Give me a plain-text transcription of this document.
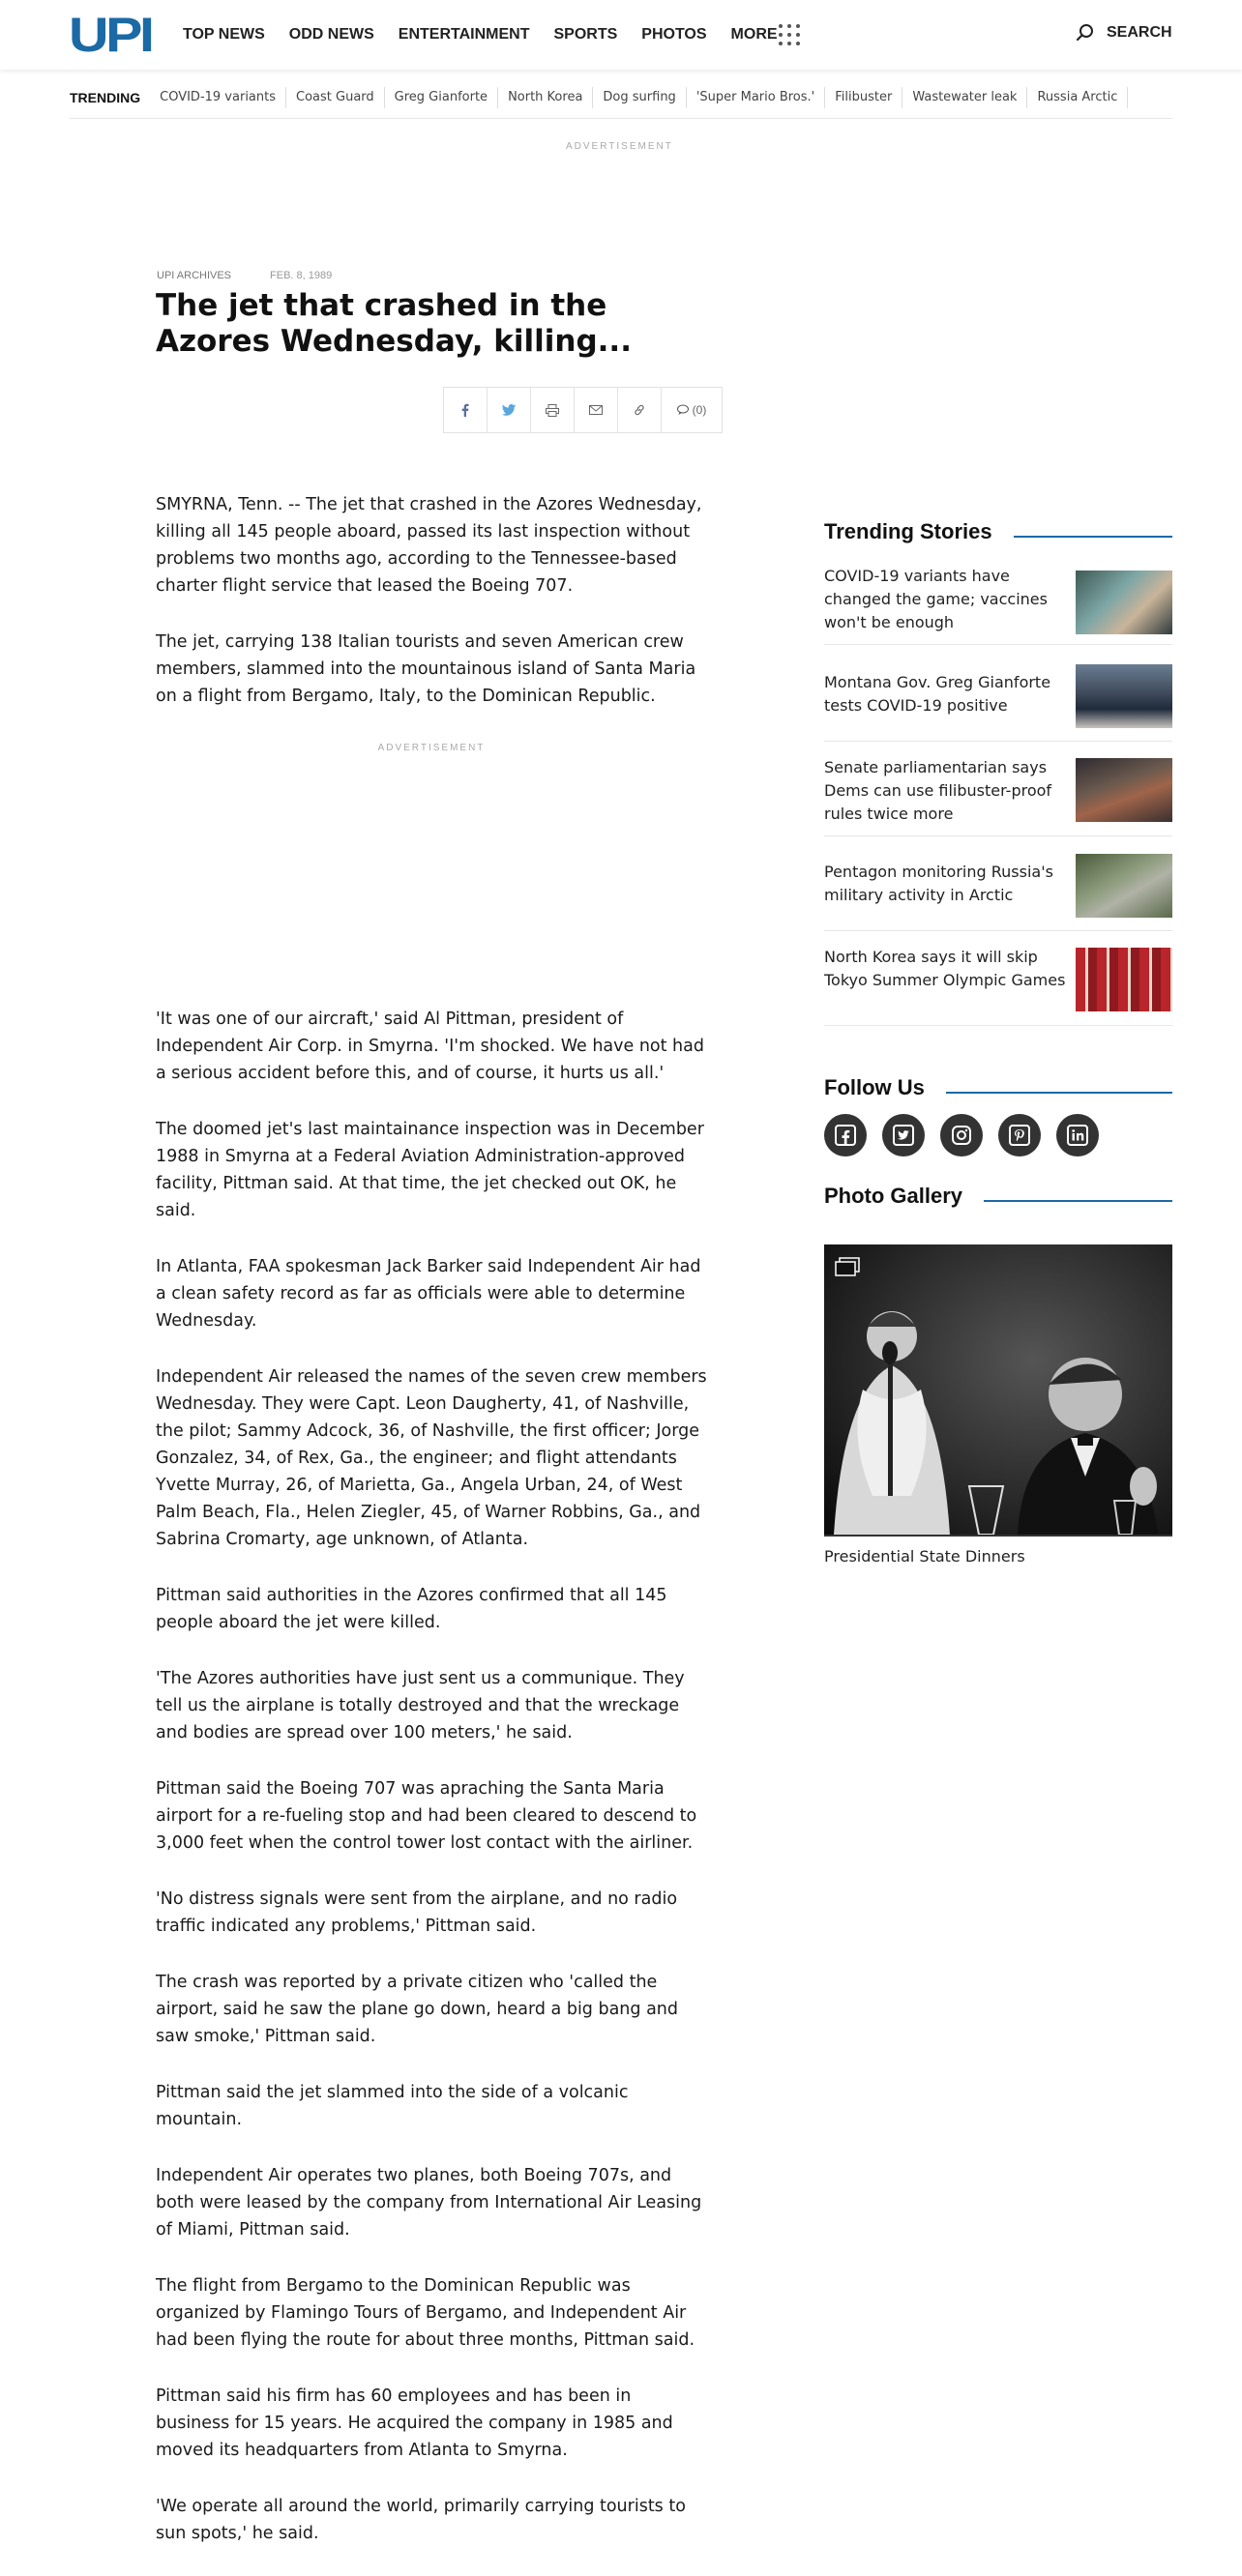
UPI TOP NEWS ODD NEWS ENTERTAINMENT SPORTS PHOTOS MORE	SEARCH
TRENDING COVID-19 variants	Coast Guard	Greg Gianforte	North Korea	Dog surfing	'Super Mario Bros.'	Filibuster	Wastewater leak	Russia Arctic
ADVERTISEMENT
UPI ARCHIVES	FEB. 8, 1989
The jet that crashed in the Azores Wednesday, killing...
(0)

SMYRNA, Tenn. -- The jet that crashed in the Azores Wednesday, killing all 145 people aboard, passed its last inspection without problems two months ago, according to the Tennessee-based charter flight service that leased the Boeing 707.

The jet, carrying 138 Italian tourists and seven American crew members, slammed into the mountainous island of Santa Maria on a flight from Bergamo, Italy, to the Dominican Republic.

ADVERTISEMENT

'It was one of our aircraft,' said Al Pittman, president of Independent Air Corp. in Smyrna. 'I'm shocked. We have not had a serious accident before this, and of course, it hurts us all.'

The doomed jet's last maintainance inspection was in December 1988 in Smyrna at a Federal Aviation Administration-approved facility, Pittman said. At that time, the jet checked out OK, he said.

In Atlanta, FAA spokesman Jack Barker said Independent Air had a clean safety record as far as officials were able to determine Wednesday.

Independent Air released the names of the seven crew members Wednesday. They were Capt. Leon Daugherty, 41, of Nashville, the pilot; Sammy Adcock, 36, of Nashville, the first officer; Jorge Gonzalez, 34, of Rex, Ga., the engineer; and flight attendants Yvette Murray, 26, of Marietta, Ga., Angela Urban, 24, of West Palm Beach, Fla., Helen Ziegler, 45, of Warner Robbins, Ga., and Sabrina Cromarty, age unknown, of Atlanta.

Pittman said authorities in the Azores confirmed that all 145 people aboard the jet were killed.

'The Azores authorities have just sent us a communique. They tell us the airplane is totally destroyed and that the wreckage and bodies are spread over 100 meters,' he said.

Pittman said the Boeing 707 was apraching the Santa Maria airport for a re-fueling stop and had been cleared to descend to 3,000 feet when the control tower lost contact with the airliner.

'No distress signals were sent from the airplane, and no radio traffic indicated any problems,' Pittman said.

The crash was reported by a private citizen who 'called the airport, said he saw the plane go down, heard a big bang and saw smoke,' Pittman said.

Pittman said the jet slammed into the side of a volcanic mountain.

Independent Air operates two planes, both Boeing 707s, and both were leased by the company from International Air Leasing of Miami, Pittman said.

The flight from Bergamo to the Dominican Republic was organized by Flamingo Tours of Bergamo, and Independent Air had been flying the route for about three months, Pittman said.

Pittman said his firm has 60 employees and has been in business for 15 years. He acquired the company in 1985 and moved its headquarters from Atlanta to Smyrna.

'We operate all around the world, primarily carrying tourists to sun spots,' he said.

Trending Stories
COVID-19 variants have changed the game; vaccines won't be enough
Montana Gov. Greg Gianforte tests COVID-19 positive
Senate parliamentarian says Dems can use filibuster-proof rules twice more
Pentagon monitoring Russia's military activity in Arctic
North Korea says it will skip Tokyo Summer Olympic Games
Follow Us
Photo Gallery
Presidential State Dinners
